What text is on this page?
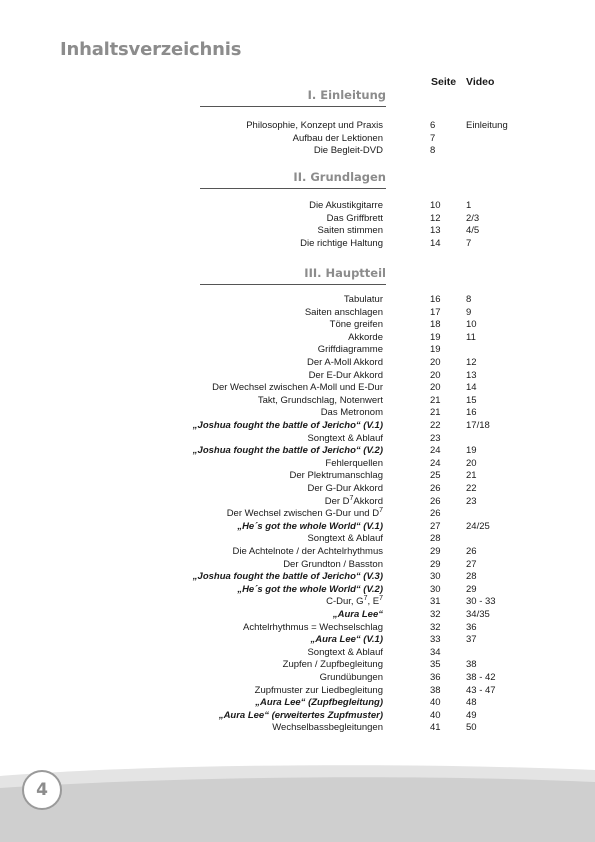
Inhaltsverzeichnis
Seite Video
I. Einleitung
Philosophie, Konzept und Praxis	6	Einleitung
Aufbau der Lektionen	7
Die Begleit-DVD	8
II. Grundlagen
Die Akustikgitarre	10	1
Das Griffbrett	12	2/3
Saiten stimmen	13	4/5
Die richtige Haltung	14	7
III. Hauptteil
Tabulatur	16	8
Saiten anschlagen	17	9
Töne greifen	18	10
Akkorde	19	11
Griffdiagramme	19
Der A-Moll Akkord	20	12
Der E-Dur Akkord	20	13
Der Wechsel zwischen A-Moll und E-Dur	20	14
Takt, Grundschlag, Notenwert	21	15
Das Metronom	21	16
„Joshua fought the battle of Jericho“ (V.1)	22	17/18
Songtext & Ablauf	23
„Joshua fought the battle of Jericho“ (V.2)	24	19
Fehlerquellen	24	20
Der Plektrumanschlag	25	21
Der G-Dur Akkord	26	22
Der $D^7Akkord$	26	23
Der Wechsel zwischen G-Dur und $D^7$	26
„He´s got the whole World“ (V.1)	27	24/25
Songtext & Ablauf	28
Die Achtelnote / der Achtelrhythmus	29	26
Der Grundton / Basston	29	27
„Joshua fought the battle of Jericho“ (V.3)	30	28
„He´s got the whole World“ (V.2)	30	29
C-Dur, $G^7$, $E^7$	31	30 - 33
„Aura Lee“	32	34/35
Achtelrhythmus = Wechselschlag	32	36
„Aura Lee“ (V.1)	33	37
Songtext & Ablauf	34
Zupfen / Zupfbegleitung	35	38
Grundübungen	36	38 - 42
Zupfmuster zur Liedbegleitung	38	43 - 47
„Aura Lee“ (Zupfbegleitung)	40	48
„Aura Lee“ (erweitertes Zupfmuster)	40	49
Wechselbassbegleitungen	41	50
4
